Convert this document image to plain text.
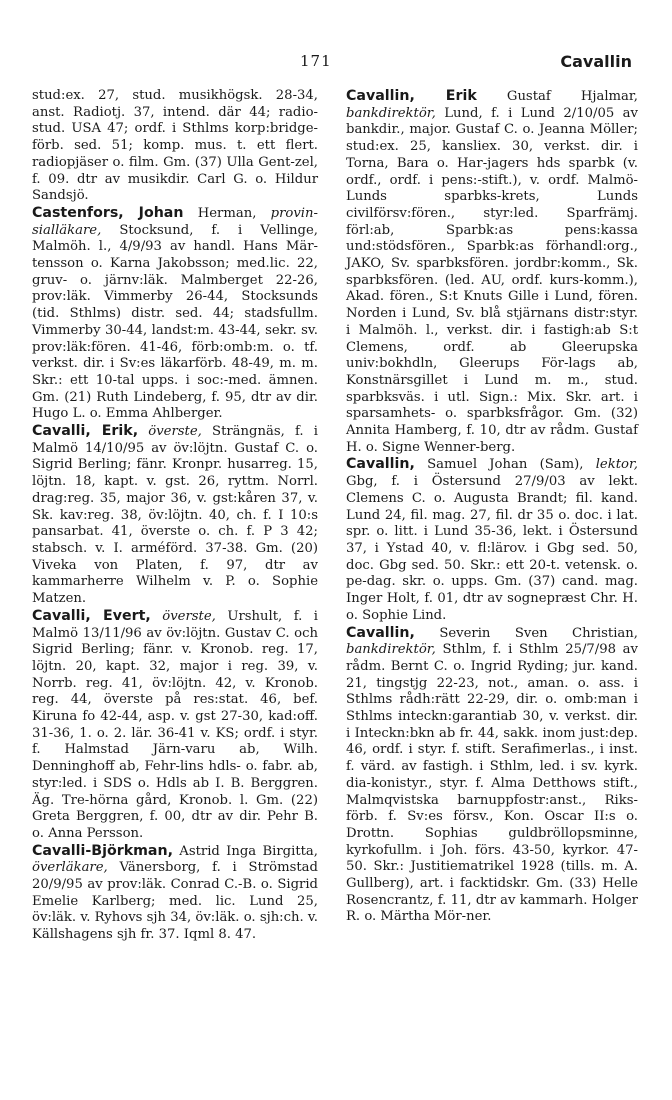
171	Cavallin

stud:ex. 27, stud. musikhögsk. 28-34, anst. Radiotj. 37, intend. där 44; radio-stud. USA 47; ordf. i Sthlms korp:bridge-förb. sed. 51; komp. mus. t. ett flert. radiopjäser o. film. Gm. (37) Ulla Gent-zel, f. 09. dtr av musikdir. Carl G. o. Hildur Sandsjö.

Castenfors, Johan Herman, provin-sialläkare, Stocksund, f. i Vellinge, Malmöh. l., 4/9/93 av handl. Hans Mär-tensson o. Karna Jakobsson; med.lic. 22, gruv- o. järnv:läk. Malmberget 22-26, prov:läk. Vimmerby 26-44, Stocksunds (tid. Sthlms) distr. sed. 44; stadsfullm. Vimmerby 30-44, landst:m. 43-44, sekr. sv. prov:läk:fören. 41-46, förb:omb:m. o. tf. verkst. dir. i Sv:es läkarförb. 48-49, m. m. Skr.: ett 10-tal upps. i soc:-med. ämnen. Gm. (21) Ruth Lindeberg, f. 95, dtr av dir. Hugo L. o. Emma Ahlberger.

Cavalli, Erik, överste, Strängnäs, f. i Malmö 14/10/95 av öv:löjtn. Gustaf C. o. Sigrid Berling; fänr. Kronpr. husarreg. 15, löjtn. 18, kapt. v. gst. 26, ryttm. Norrl. drag:reg. 35, major 36, v. gst:kåren 37, v. Sk. kav:reg. 38, öv:löjtn. 40, ch. f. I 10:s pansarbat. 41, överste o. ch. f. P 3 42; stabsch. v. I. arméförd. 37-38. Gm. (20) Viveka von Platen, f. 97, dtr av kammarherre Wilhelm v. P. o. Sophie Matzen.

Cavalli, Evert, överste, Urshult, f. i Malmö 13/11/96 av öv:löjtn. Gustav C. och Sigrid Berling; fänr. v. Kronob. reg. 17, löjtn. 20, kapt. 32, major i reg. 39, v. Norrb. reg. 41, öv:löjtn. 42, v. Kronob. reg. 44, överste på res:stat. 46, bef. Kiruna fo 42-44, asp. v. gst 27-30, kad:off. 31-36, 1. o. 2. lär. 36-41 v. KS; ordf. i styr. f. Halmstad Järn-varu ab, Wilh. Denninghoff ab, Fehr-lins hdls- o. fabr. ab, styr:led. i SDS o. Hdls ab I. B. Berggren. Äg. Tre-hörna gård, Kronob. l. Gm. (22) Greta Berggren, f. 00, dtr av dir. Pehr B. o. Anna Persson.

Cavalli-Björkman, Astrid Inga Birgitta, överläkare, Vänersborg, f. i Strömstad 20/9/95 av prov:läk. Conrad C.-B. o. Sigrid Emelie Karlberg; med. lic. Lund 25, öv:läk. v. Ryhovs sjh 34, öv:läk. o. sjh:ch. v. Källshagens sjh fr. 37. Iqml 8. 47.

Cavallin, Erik Gustaf Hjalmar, bankdirektör, Lund, f. i Lund 2/10/05 av bankdir., major. Gustaf C. o. Jeanna Möller; stud:ex. 25, kansliex. 30, verkst. dir. i Torna, Bara o. Har-jagers hds sparbk (v. ordf., ordf. i pens:-stift.), v. ordf. Malmö-Lunds sparbks-krets, Lunds civilförsv:fören., styr:led. Sparfrämj. förl:ab, Sparbk:as pens:kassa und:stödsfören., Sparbk:as förhandl:org., JAKO, Sv. sparbksfören. jordbr:komm., Sk. sparbksfören. (led. AU, ordf. kurs-komm.), Akad. fören., S:t Knuts Gille i Lund, fören. Norden i Lund, Sv. blå stjärnans distr:styr. i Malmöh. l., verkst. dir. i fastigh:ab S:t Clemens, ordf. ab Gleerupska univ:bokhdln, Gleerups För-lags ab, Konstnärsgillet i Lund m. m., stud. sparbksväs. i utl. Sign.: Mix. Skr. art. i sparsamhets- o. sparbksfrågor. Gm. (32) Annita Hamberg, f. 10, dtr av rådm. Gustaf H. o. Signe Wenner-berg.

Cavallin, Samuel Johan (Sam), lektor, Gbg, f. i Östersund 27/9/03 av lekt. Clemens C. o. Augusta Brandt; fil. kand. Lund 24, fil. mag. 27, fil. dr 35 o. doc. i lat. spr. o. litt. i Lund 35-36, lekt. i Östersund 37, i Ystad 40, v. fl:lärov. i Gbg sed. 50, doc. Gbg sed. 50. Skr.: ett 20-t. vetensk. o. pe-dag. skr. o. upps. Gm. (37) cand. mag. Inger Holt, f. 01, dtr av sognepræst Chr. H. o. Sophie Lind.

Cavallin, Severin Sven Christian, bankdirektör, Sthlm, f. i Sthlm 25/7/98 av rådm. Bernt C. o. Ingrid Ryding; jur. kand. 21, tingstjg 22-23, not., aman. o. ass. i Sthlms rådh:rätt 22-29, dir. o. omb:man i Sthlms inteckn:garantiab 30, v. verkst. dir. i Inteckn:bkn ab fr. 44, sakk. inom just:dep. 46, ordf. i styr. f. stift. Serafimerlas., i inst. f. värd. av fastigh. i Sthlm, led. i sv. kyrk. dia-konistyr., styr. f. Alma Detthows stift., Malmqvistska barnuppfostr:anst., Riks-förb. f. Sv:es försv., Kon. Oscar II:s o. Drottn. Sophias guldbröllopsminne, kyrkofullm. i Joh. förs. 43-50, kyrkor. 47-50. Skr.: Justitiematrikel 1928 (tills. m. A. Gullberg), art. i facktidskr. Gm. (33) Helle Rosencrantz, f. 11, dtr av kammarh. Holger R. o. Märtha Mör-ner.
